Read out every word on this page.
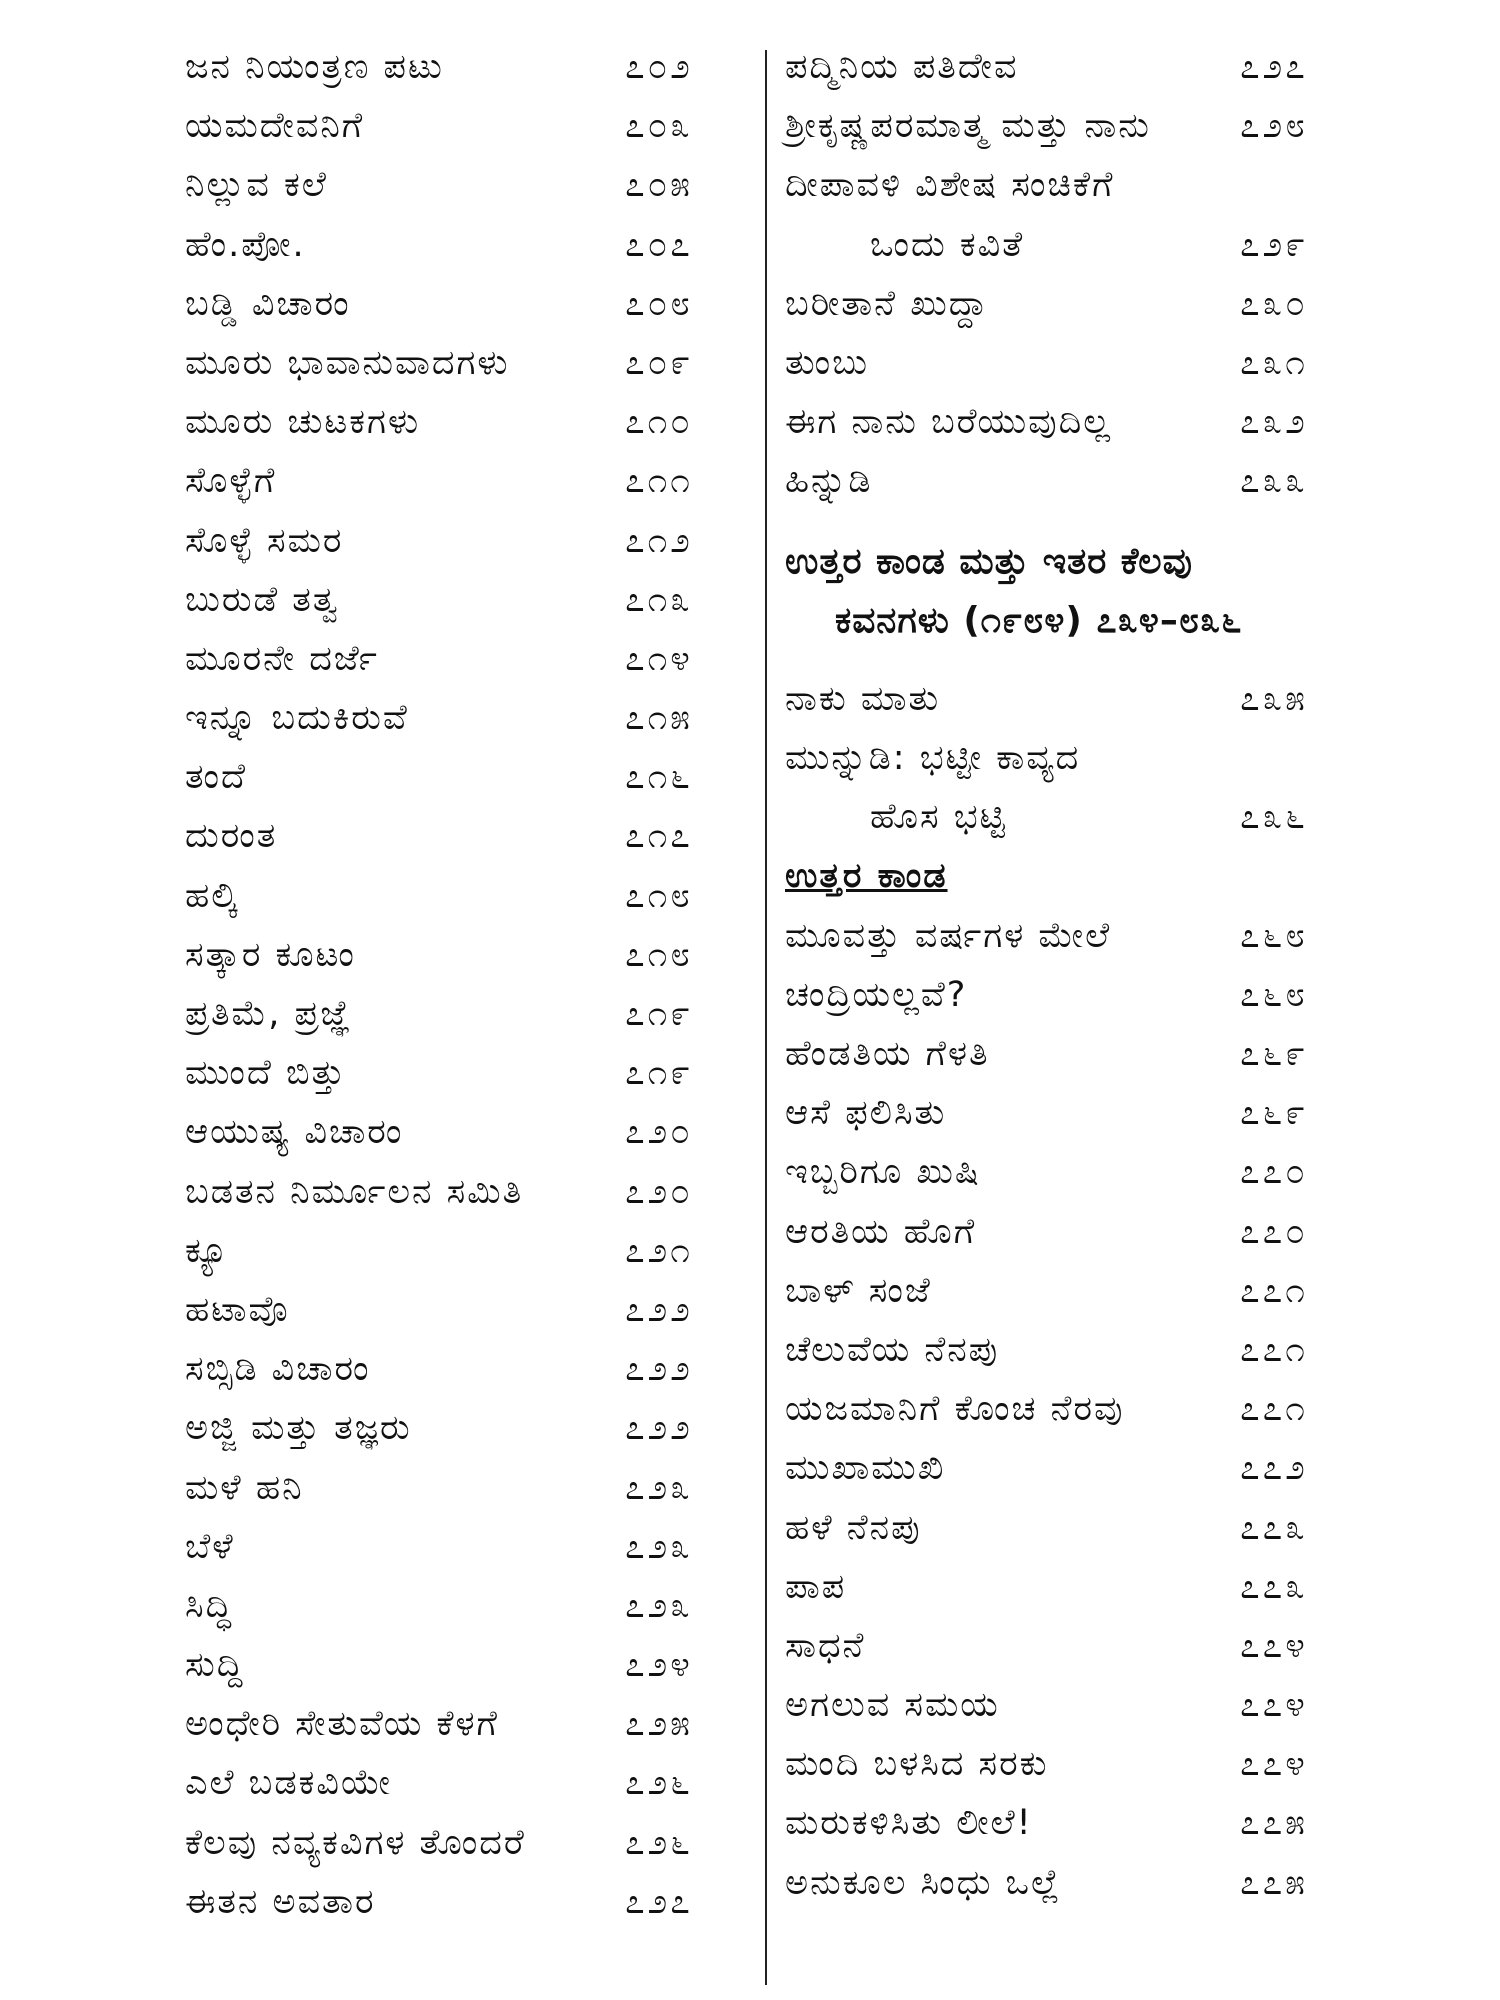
ಜನ ನಿಯಂತ್ರಣ ಪಟು	೭೦೨
ಯಮದೇವನಿಗೆ	೭೦೩
ನಿಲ್ಲುವ ಕಲೆ	೭೦೫
ಹೆಂ.ಪೋ.	೭೦೭
ಬಡ್ಡಿ ವಿಚಾರಂ	೭೦೮
ಮೂರು ಭಾವಾನುವಾದಗಳು	೭೦೯
ಮೂರು ಚುಟಕಗಳು	೭೧೦
ಸೊಳ್ಳೆಗೆ	೭೧೧
ಸೊಳ್ಳೆ ಸಮರ	೭೧೨
ಬುರುಡೆ ತತ್ವ	೭೧೩
ಮೂರನೇ ದರ್ಜೆ	೭೧೪
ಇನ್ನೂ ಬದುಕಿರುವೆ	೭೧೫
ತಂದೆ	೭೧೬
ದುರಂತ	೭೧೭
ಹಲ್ಕಿ	೭೧೮
ಸತ್ಕಾರ ಕೂಟಂ	೭೧೮
ಪ್ರತಿಮೆ, ಪ್ರಜ್ಞೆ	೭೧೯
ಮುಂದೆ ಬಿತ್ತು	೭೧೯
ಆಯುಷ್ಯ ವಿಚಾರಂ	೭೨೦
ಬಡತನ ನಿರ್ಮೂಲನ ಸಮಿತಿ	೭೨೦
ಕ್ಯೂ	೭೨೧
ಹಟಾವೊ	೭೨೨
ಸಬ್ಸಿಡಿ ವಿಚಾರಂ	೭೨೨
ಅಜ್ಜಿ ಮತ್ತು ತಜ್ಞರು	೭೨೨
ಮಳೆ ಹನಿ	೭೨೩
ಬೆಳೆ	೭೨೩
ಸಿದ್ಧಿ	೭೨೩
ಸುದ್ದಿ	೭೨೪
ಅಂಧೇರಿ ಸೇತುವೆಯ ಕೆಳಗೆ	೭೨೫
ಎಲೆ ಬಡಕವಿಯೇ	೭೨೬
ಕೆಲವು ನವ್ಯಕವಿಗಳ ತೊಂದರೆ	೭೨೬
ಈತನ ಅವತಾರ	೭೨೭
ಪದ್ಮಿನಿಯ ಪತಿದೇವ	೭೨೭
ಶ್ರೀಕೃಷ್ಣಪರಮಾತ್ಮ ಮತ್ತು ನಾನು	೭೨೮
ದೀಪಾವಳಿ ವಿಶೇಷ ಸಂಚಿಕೆಗೆ
ಒಂದು ಕವಿತೆ	೭೨೯
ಬರೀತಾನೆ ಖುದ್ದಾ	೭೩೦
ತುಂಬು	೭೩೧
ಈಗ ನಾನು ಬರೆಯುವುದಿಲ್ಲ	೭೩೨
ಹಿನ್ನುಡಿ	೭೩೩
ಉತ್ತರ ಕಾಂಡ ಮತ್ತು ಇತರ ಕೆಲವು
ಕವನಗಳು (೧೯೮೪) ೭೩೪–೮೩೬
ನಾಕು ಮಾತು	೭೩೫
ಮುನ್ನುಡಿ: ಭಟ್ಟೀ ಕಾವ್ಯದ
ಹೊಸ ಭಟ್ಟಿ	೭೩೬
ಉತ್ತರ ಕಾಂಡ
ಮೂವತ್ತು ವರ್ಷಗಳ ಮೇಲೆ	೭೬೮
ಚಂದ್ರಿಯಲ್ಲವೆ?	೭೬೮
ಹೆಂಡತಿಯ ಗೆಳತಿ	೭೬೯
ಆಸೆ ಫಲಿಸಿತು	೭೬೯
ಇಬ್ಬರಿಗೂ ಖುಷಿ	೭೭೦
ಆರತಿಯ ಹೊಗೆ	೭೭೦
ಬಾಳ್ ಸಂಜೆ	೭೭೧
ಚೆಲುವೆಯ ನೆನಪು	೭೭೧
ಯಜಮಾನಿಗೆ ಕೊಂಚ ನೆರವು	೭೭೧
ಮುಖಾಮುಖಿ	೭೭೨
ಹಳೆ ನೆನಪು	೭೭೩
ಪಾಪ	೭೭೩
ಸಾಧನೆ	೭೭೪
ಅಗಲುವ ಸಮಯ	೭೭೪
ಮಂದಿ ಬಳಸಿದ ಸರಕು	೭೭೪
ಮರುಕಳಿಸಿತು ಲೀಲೆ!	೭೭೫
ಅನುಕೂಲ ಸಿಂಧು ಒಲ್ಲೆ	೭೭೫
